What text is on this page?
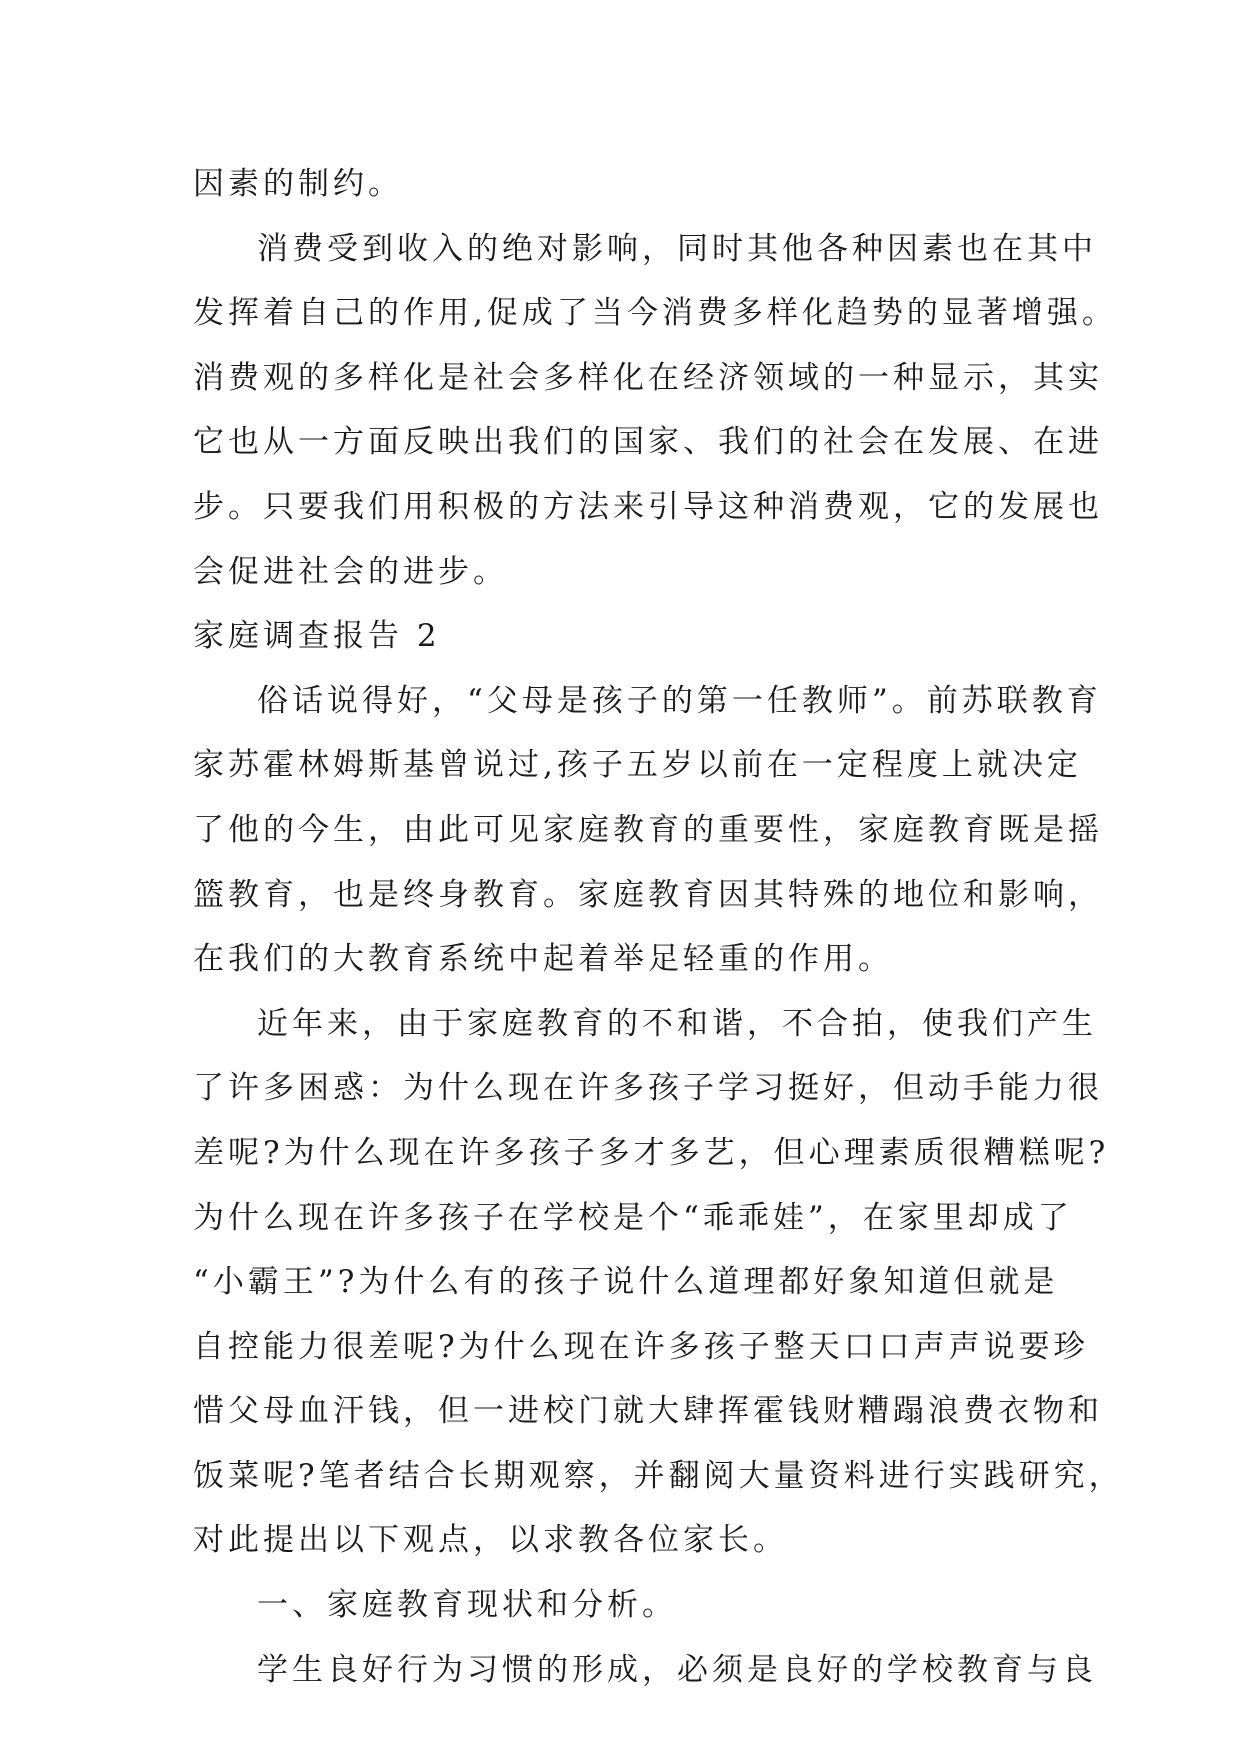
因素的制约。
消费受到收入的绝对影响，同时其他各种因素也在其中
发挥着自己的作用,促成了当今消费多样化趋势的显著增强。
消费观的多样化是社会多样化在经济领域的一种显示，其实
它也从一方面反映出我们的国家、我们的社会在发展、在进
步。只要我们用积极的方法来引导这种消费观，它的发展也
会促进社会的进步。
家庭调查报告 2
俗话说得好，“父母是孩子的第一任教师”。前苏联教育
家苏霍林姆斯基曾说过,孩子五岁以前在一定程度上就决定
了他的今生，由此可见家庭教育的重要性，家庭教育既是摇
篮教育，也是终身教育。家庭教育因其特殊的地位和影响，
在我们的大教育系统中起着举足轻重的作用。
近年来，由于家庭教育的不和谐，不合拍，使我们产生
了许多困惑：为什么现在许多孩子学习挺好，但动手能力很
差呢?为什么现在许多孩子多才多艺，但心理素质很糟糕呢?
为什么现在许多孩子在学校是个“乖乖娃”，在家里却成了
“小霸王”?为什么有的孩子说什么道理都好象知道但就是
自控能力很差呢?为什么现在许多孩子整天口口声声说要珍
惜父母血汗钱，但一进校门就大肆挥霍钱财糟蹋浪费衣物和
饭菜呢?笔者结合长期观察，并翻阅大量资料进行实践研究，
对此提出以下观点，以求教各位家长。
一、家庭教育现状和分析。
学生良好行为习惯的形成，必须是良好的学校教育与良
